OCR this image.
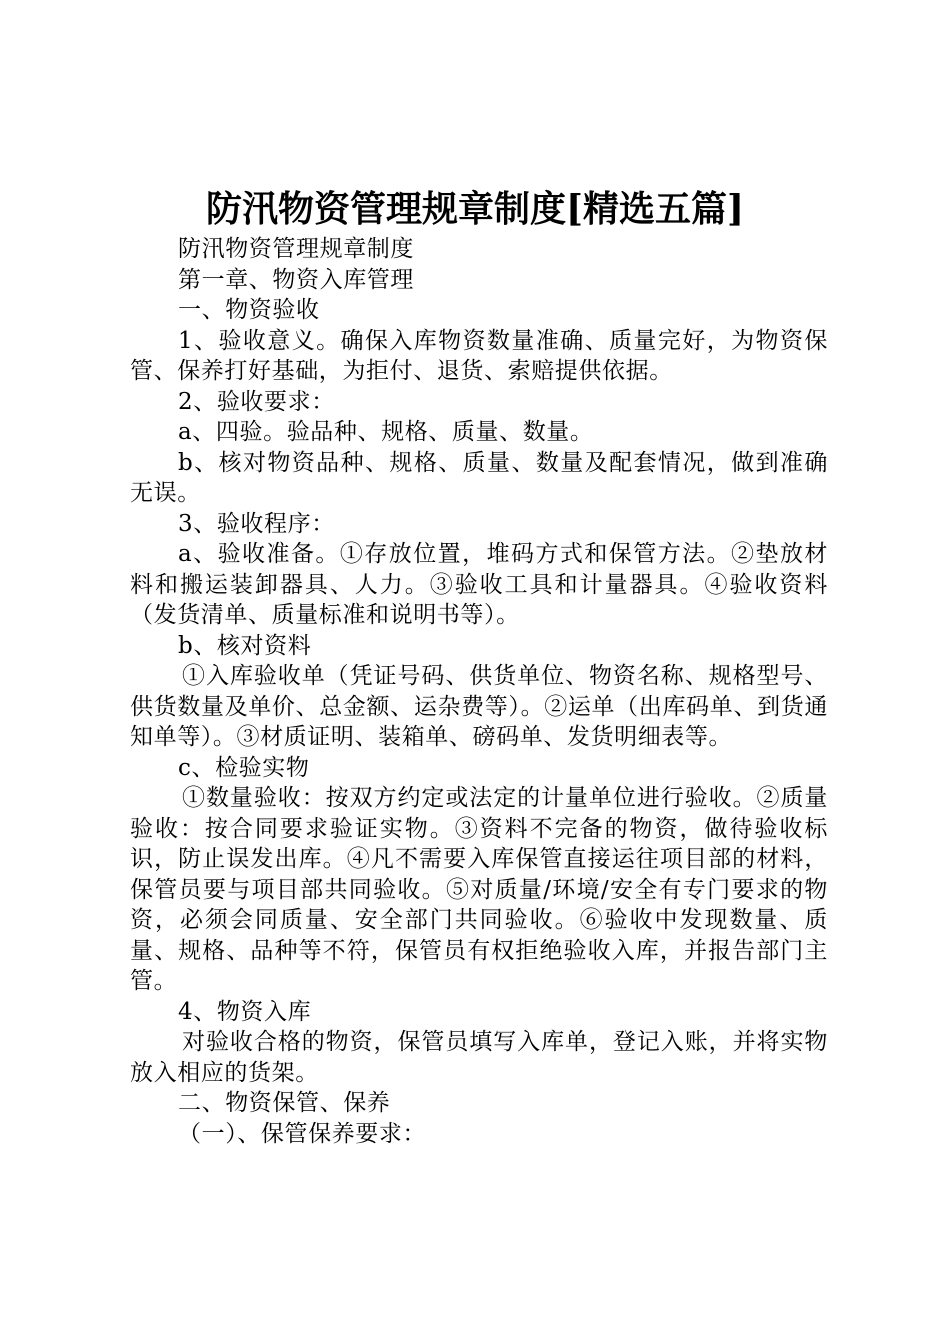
防汛物资管理规章制度[精选五篇]

防汛物资管理规章制度

第一章、物资入库管理

一、物资验收

1、验收意义。确保入库物资数量准确、质量完好，为物资保管、保养打好基础，为拒付、退货、索赔提供依据。

2、验收要求：

a、四验。验品种、规格、质量、数量。

b、核对物资品种、规格、质量、数量及配套情况，做到准确无误。

3、验收程序：

a、验收准备。①存放位置，堆码方式和保管方法。②垫放材料和搬运装卸器具、人力。③验收工具和计量器具。④验收资料（发货清单、质量标准和说明书等）。

b、核对资料

①入库验收单（凭证号码、供货单位、物资名称、规格型号、供货数量及单价、总金额、运杂费等）。②运单（出库码单、到货通知单等）。③材质证明、装箱单、磅码单、发货明细表等。

c、检验实物

①数量验收：按双方约定或法定的计量单位进行验收。②质量验收：按合同要求验证实物。③资料不完备的物资，做待验收标识，防止误发出库。④凡不需要入库保管直接运往项目部的材料，保管员要与项目部共同验收。⑤对质量/环境/安全有专门要求的物资，必须会同质量、安全部门共同验收。⑥验收中发现数量、质量、规格、品种等不符，保管员有权拒绝验收入库，并报告部门主管。

4、物资入库

对验收合格的物资，保管员填写入库单，登记入账，并将实物放入相应的货架。

二、物资保管、保养

（一）、保管保养要求：
